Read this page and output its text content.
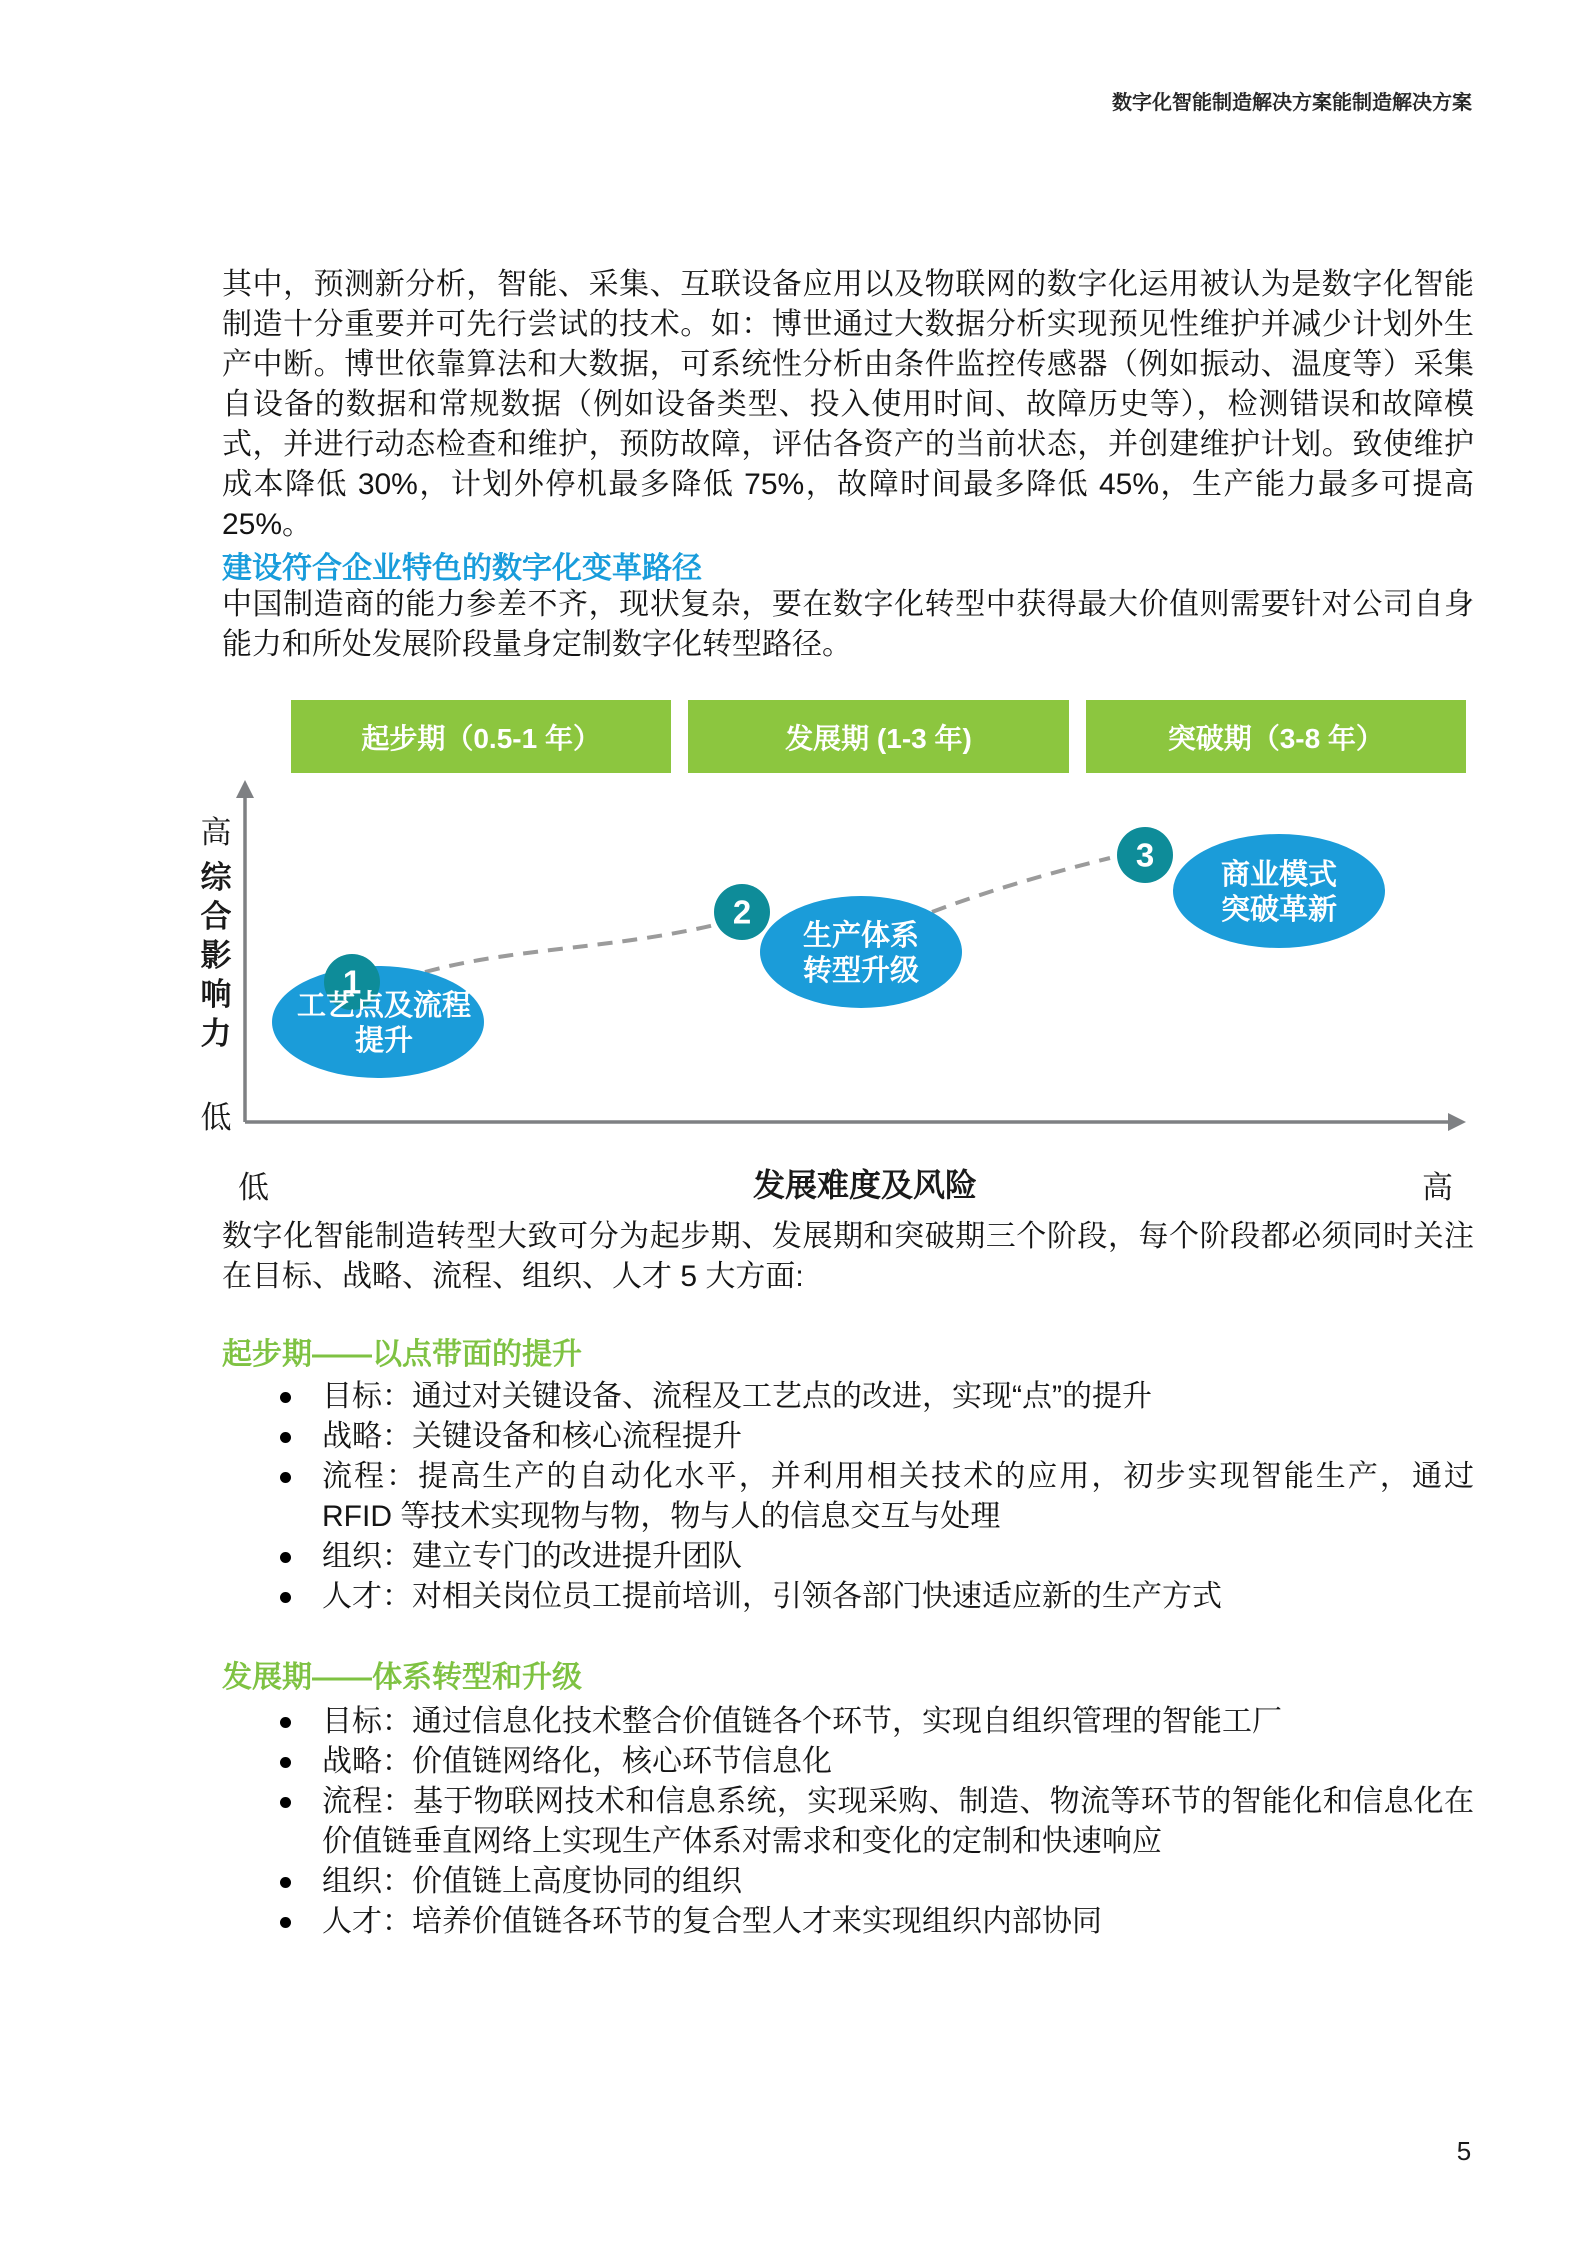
数字化智能制造解决方案能制造解决方案
其中，预测新分析，智能、采集、互联设备应用以及物联网的数字化运用被认为是数字化智能制造十分重要并可先行尝试的技术。如：博世通过大数据分析实现预见性维护并减少计划外生产中断。博世依靠算法和大数据，可系统性分析由条件监控传感器（例如振动、温度等）采集自设备的数据和常规数据（例如设备类型、投入使用时间、故障历史等），检测错误和故障模式，并进行动态检查和维护，预防故障，评估各资产的当前状态，并创建维护计划。致使维护成本降低 30%，计划外停机最多降低 75%，故障时间最多降低 45%，生产能力最多可提高 25%。
建设符合企业特色的数字化变革路径
中国制造商的能力参差不齐，现状复杂，要在数字化转型中获得最大价值则需要针对公司自身能力和所处发展阶段量身定制数字化转型路径。
起步期（0.5-1 年）	发展期 (1-3 年)	突破期（3-8 年）
1
工艺点及流程
提升
2
生产体系
转型升级
3
商业模式
突破革新
高
综合影响力
低
低	发展难度及风险	高
数字化智能制造转型大致可分为起步期、发展期和突破期三个阶段，每个阶段都必须同时关注在目标、战略、流程、组织、人才 5 大方面:
起步期——以点带面的提升
目标：通过对关键设备、流程及工艺点的改进，实现“点”的提升
战略：关键设备和核心流程提升
流程：提高生产的自动化水平，并利用相关技术的应用，初步实现智能生产，通过 RFID 等技术实现物与物，物与人的信息交互与处理
组织：建立专门的改进提升团队
人才：对相关岗位员工提前培训，引领各部门快速适应新的生产方式
发展期——体系转型和升级
目标：通过信息化技术整合价值链各个环节，实现自组织管理的智能工厂
战略：价值链网络化，核心环节信息化
流程：基于物联网技术和信息系统，实现采购、制造、物流等环节的智能化和信息化在价值链垂直网络上实现生产体系对需求和变化的定制和快速响应
组织：价值链上高度协同的组织
人才：培养价值链各环节的复合型人才来实现组织内部协同
5
